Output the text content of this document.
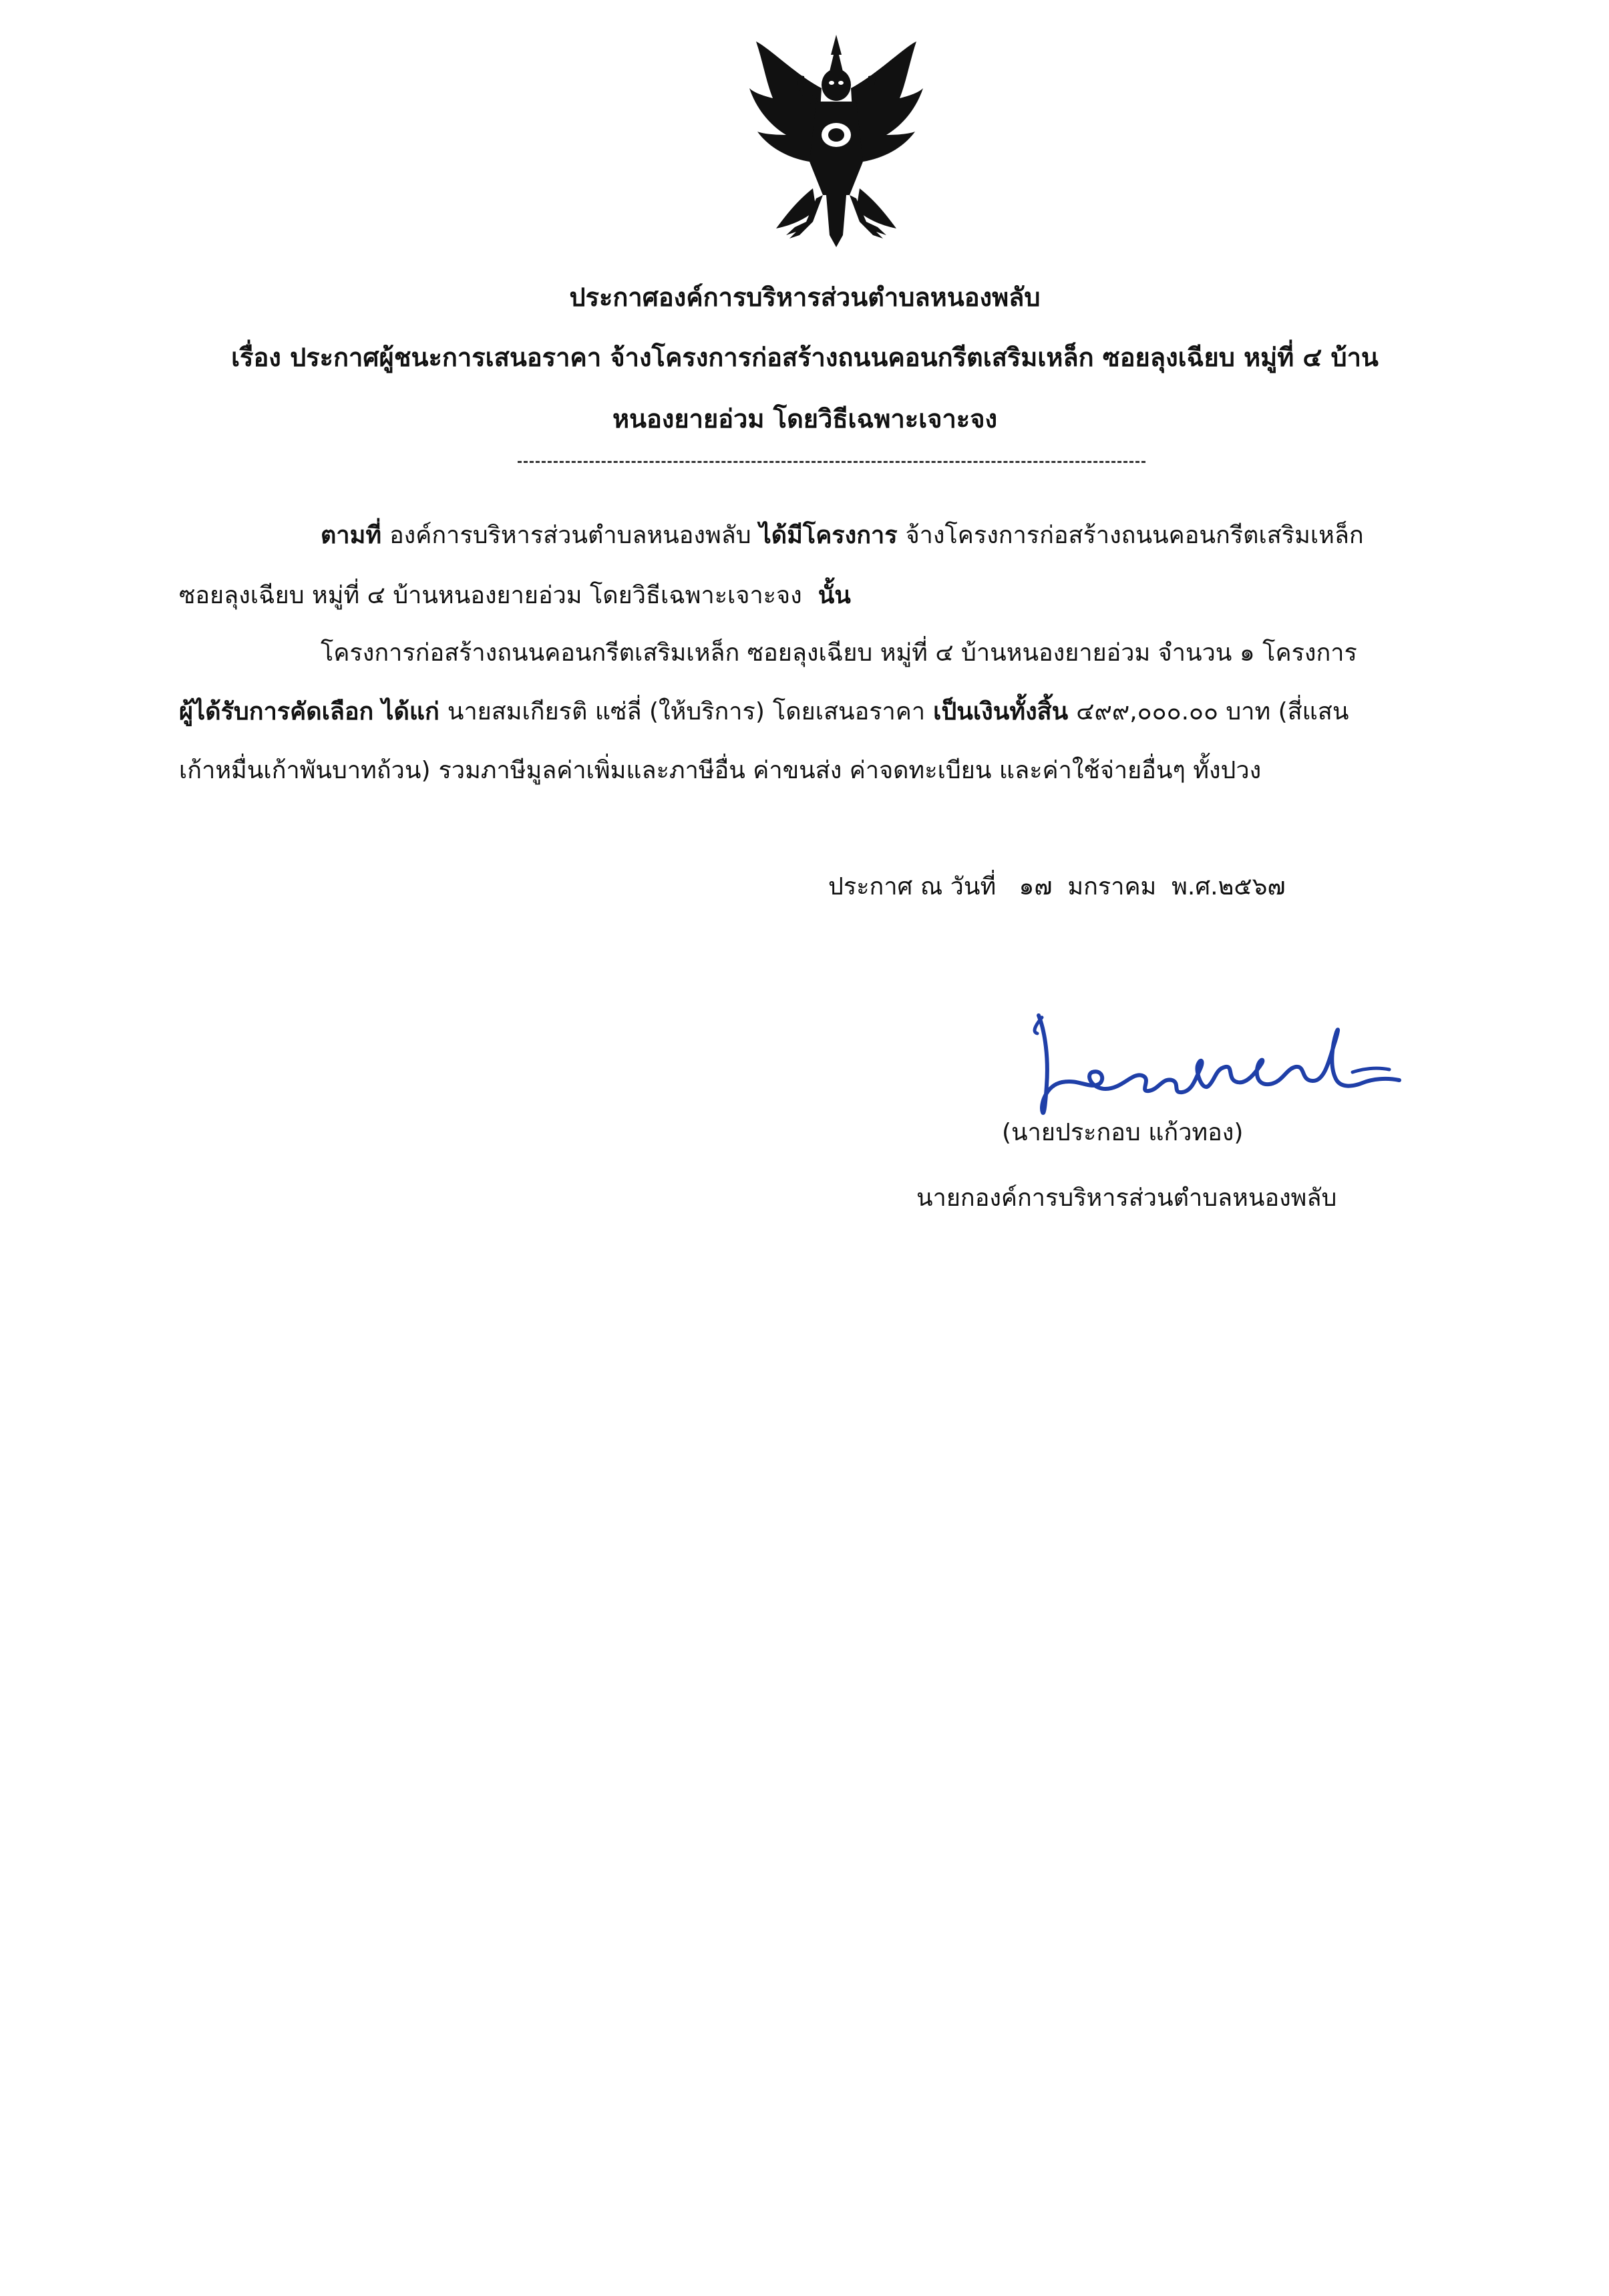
ประกาศองค์การบริหารส่วนตำบลหนองพลับ
เรื่อง ประกาศผู้ชนะการเสนอราคา จ้างโครงการก่อสร้างถนนคอนกรีตเสริมเหล็ก ซอยลุงเฉียบ หมู่ที่ ๔ บ้าน
หนองยายอ่วม โดยวิธีเฉพาะเจาะจง
ตามที่ องค์การบริหารส่วนตำบลหนองพลับ ได้มีโครงการ จ้างโครงการก่อสร้างถนนคอนกรีตเสริมเหล็ก
ซอยลุงเฉียบ หมู่ที่ ๔ บ้านหนองยายอ่วม โดยวิธีเฉพาะเจาะจง นั้น
โครงการก่อสร้างถนนคอนกรีตเสริมเหล็ก ซอยลุงเฉียบ หมู่ที่ ๔ บ้านหนองยายอ่วม จำนวน ๑ โครงการ
ผู้ได้รับการคัดเลือก ได้แก่ นายสมเกียรติ แซ่ลี่ (ให้บริการ) โดยเสนอราคา เป็นเงินทั้งสิ้น ๔๙๙,๐๐๐.๐๐ บาท (สี่แสน
เก้าหมื่นเก้าพันบาทถ้วน) รวมภาษีมูลค่าเพิ่มและภาษีอื่น ค่าขนส่ง ค่าจดทะเบียน และค่าใช้จ่ายอื่นๆ ทั้งปวง
ประกาศ ณ วันที่   ๑๗  มกราคม  พ.ศ.๒๕๖๗
(นายประกอบ แก้วทอง)
นายกองค์การบริหารส่วนตำบลหนองพลับ
